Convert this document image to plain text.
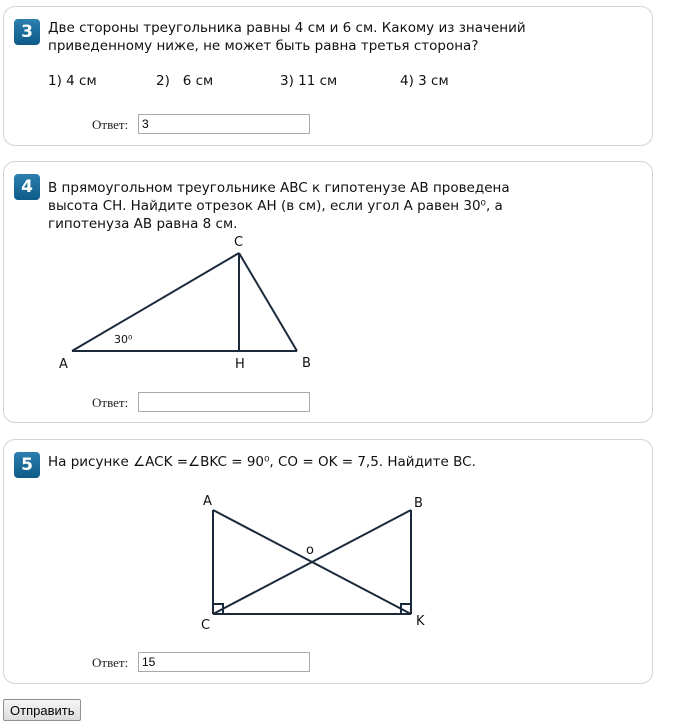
3	Две стороны треугольника равны 4 см и 6 см. Какому из значений
приведенному ниже, не может быть равна третья сторона?

1) 4 см	2)   6 см	3) 11 см	4) 3 см
Ответ:
3
4	В прямоугольном треугольнике ABC к гипотенузе AB проведена
высота CH. Найдите отрезок AH (в см), если угол A равен 30⁰, а
гипотенуза AB равна 8 см.

A	B
C
H
30⁰
Ответ:
5	На рисунке ∠ACK =∠BKC = 90⁰, CO = OK = 7,5. Найдите BC.

A	B
C	K
o
Ответ:
15
Отправить
